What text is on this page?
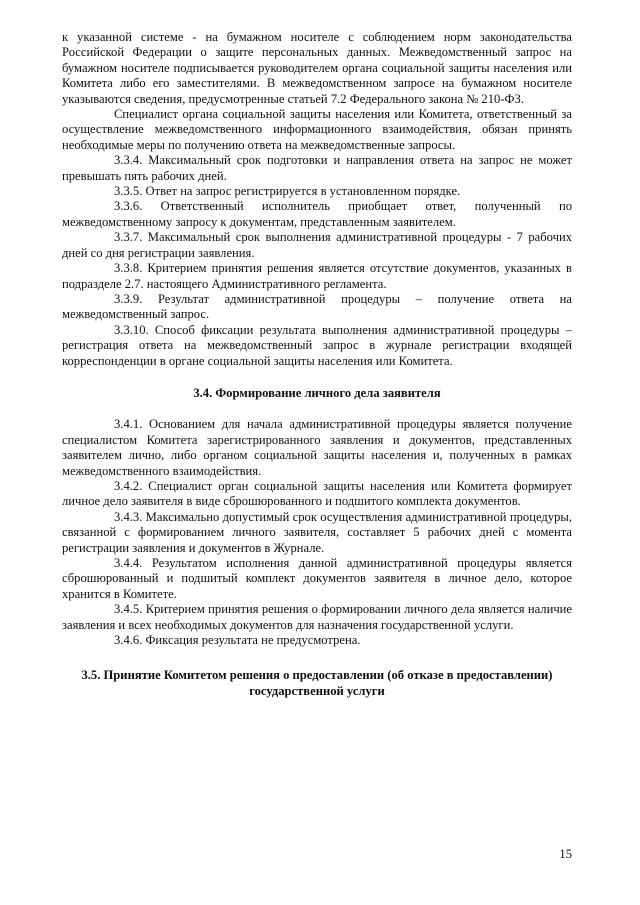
к указанной системе - на бумажном носителе с соблюдением норм законодательства Российской Федерации о защите персональных данных. Межведомственный запрос на бумажном носителе подписывается руководителем органа социальной защиты населения или Комитета либо его заместителями. В межведомственном запросе на бумажном носителе указываются сведения, предусмотренные статьей 7.2 Федерального закона № 210-ФЗ.

Специалист органа социальной защиты населения или Комитета, ответственный за осуществление межведомственного информационного взаимодействия, обязан принять необходимые меры по получению ответа на межведомственные запросы.

3.3.4. Максимальный срок подготовки и направления ответа на запрос не может превышать пять рабочих дней.

3.3.5. Ответ на запрос регистрируется в установленном порядке.

3.3.6. Ответственный исполнитель приобщает ответ, полученный по межведомственному запросу к документам, представленным заявителем.

3.3.7. Максимальный срок выполнения административной процедуры - 7 рабочих дней со дня регистрации заявления.

3.3.8. Критерием принятия решения является отсутствие документов, указанных в подразделе 2.7. настоящего Административного регламента.

3.3.9. Результат административной процедуры – получение ответа на межведомственный запрос.

3.3.10. Способ фиксации результата выполнения административной процедуры – регистрация ответа на межведомственный запрос в журнале регистрации входящей корреспонденции в органе социальной защиты населения или Комитета.

3.4. Формирование личного дела заявителя

3.4.1. Основанием для начала административной процедуры является получение специалистом Комитета зарегистрированного заявления и документов, представленных заявителем лично, либо органом социальной защиты населения и, полученных в рамках межведомственного взаимодействия.

3.4.2. Специалист орган социальной защиты населения или Комитета формирует личное дело заявителя в виде сброшюрованного и подшитого комплекта документов.

3.4.3. Максимально допустимый срок осуществления административной процедуры, связанной с формированием личного заявителя, составляет 5 рабочих дней с момента регистрации заявления и документов в Журнале.

3.4.4. Результатом исполнения данной административной процедуры является сброшюрованный и подшитый комплект документов заявителя в личное дело, которое хранится в Комитете.

3.4.5. Критерием принятия решения о формировании личного дела является наличие заявления и всех необходимых документов для назначения государственной услуги.

3.4.6. Фиксация результата не предусмотрена.

3.5. Принятие Комитетом решения о предоставлении (об отказе в предоставлении) государственной услуги

15
